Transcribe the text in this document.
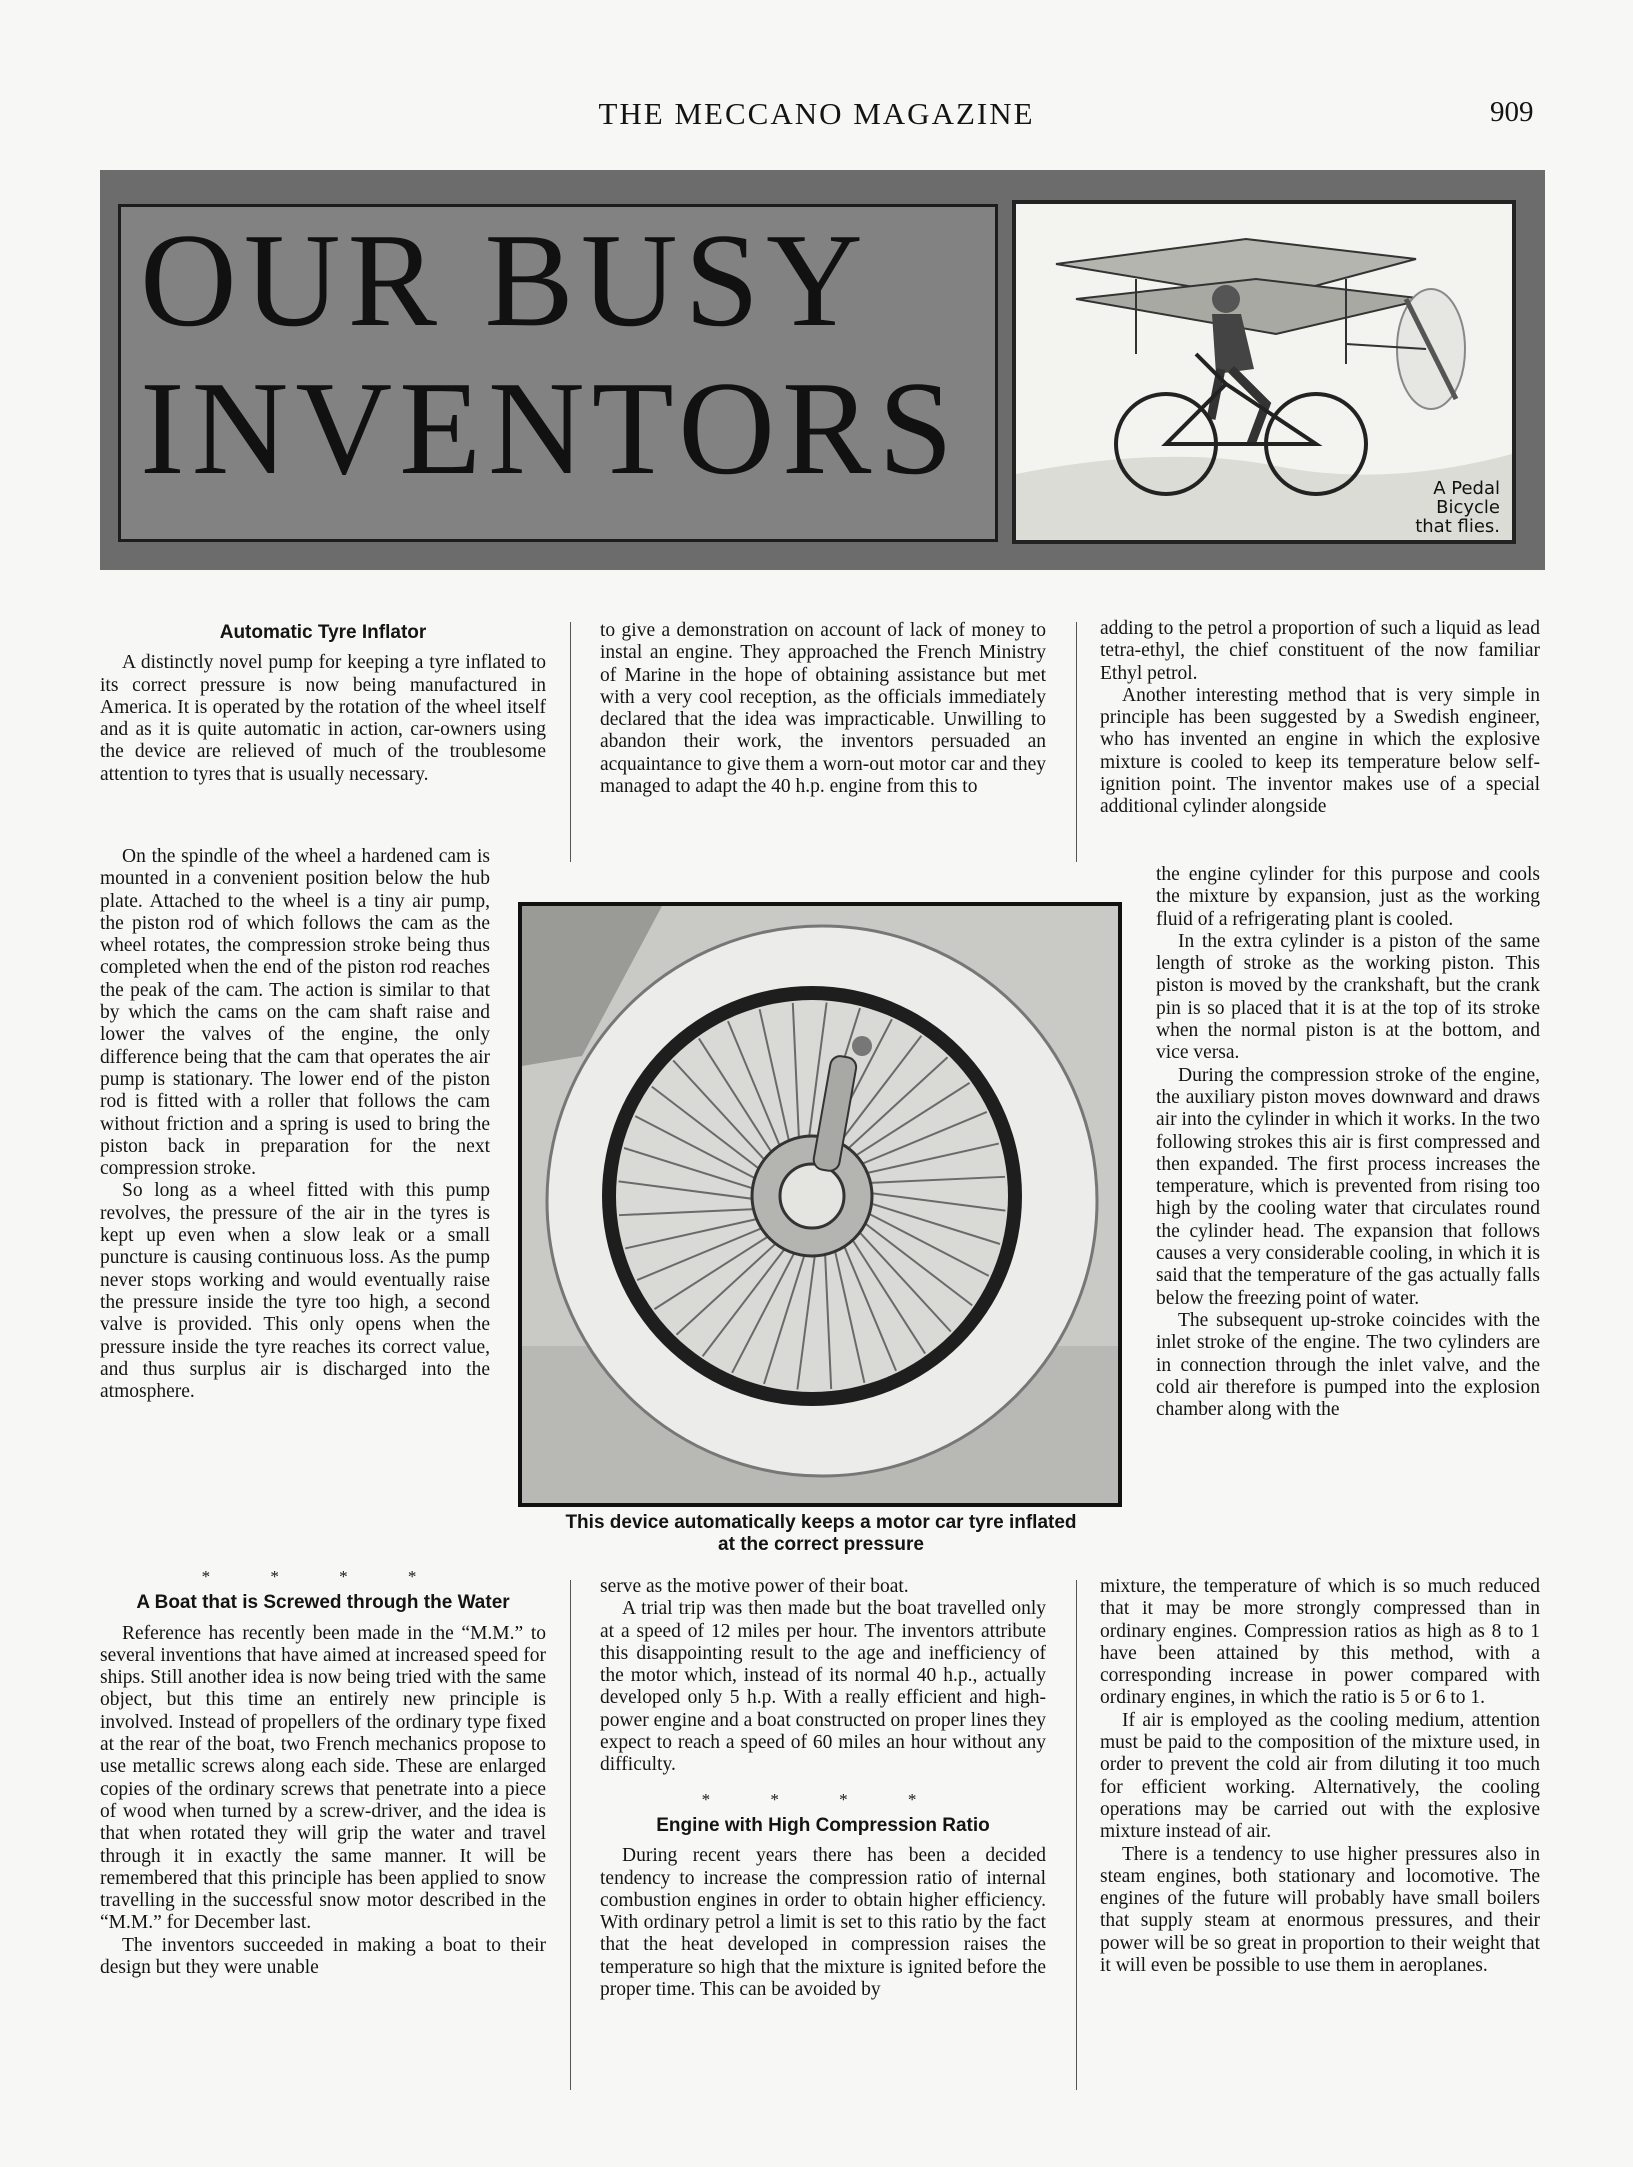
THE MECCANO MAGAZINE	909
OUR BUSY
INVENTORS	A Pedal
Bicycle
that flies.
Automatic Tyre Inflator

A distinctly novel pump for keeping a tyre inflated to its correct pressure is now being manufactured in America. It is operated by the rotation of the wheel itself and as it is quite automatic in action, car-owners using the device are relieved of much of the troublesome attention to tyres that is usually necessary.

On the spindle of the wheel a hardened cam is mounted in a convenient position below the hub plate. Attached to the wheel is a tiny air pump, the piston rod of which follows the cam as the wheel rotates, the compression stroke being thus completed when the end of the piston rod reaches the peak of the cam. The action is similar to that by which the cams on the cam shaft raise and lower the valves of the engine, the only difference being that the cam that operates the air pump is stationary. The lower end of the piston rod is fitted with a roller that follows the cam without friction and a spring is used to bring the piston back in preparation for the next compression stroke.

So long as a wheel fitted with this pump revolves, the pressure of the air in the tyres is kept up even when a slow leak or a small puncture is causing continuous loss. As the pump never stops working and would eventually raise the pressure inside the tyre too high, a second valve is provided. This only opens when the pressure inside the tyre reaches its correct value, and thus surplus air is discharged into the atmosphere.

* * * *
A Boat that is Screwed through the Water

Reference has recently been made in the “M.M.” to several inventions that have aimed at increased speed for ships. Still another idea is now being tried with the same object, but this time an entirely new principle is involved. Instead of propellers of the ordinary type fixed at the rear of the boat, two French mechanics propose to use metallic screws along each side. These are enlarged copies of the ordinary screws that penetrate into a piece of wood when turned by a screw-driver, and the idea is that when rotated they will grip the water and travel through it in exactly the same manner. It will be remembered that this principle has been applied to snow travelling in the successful snow motor described in the “M.M.” for December last.

The inventors succeeded in making a boat to their design but they were unable

to give a demonstration on account of lack of money to instal an engine. They approached the French Ministry of Marine in the hope of obtaining assistance but met with a very cool reception, as the officials immediately declared that the idea was impracticable. Unwilling to abandon their work, the inventors persuaded an acquaintance to give them a worn-out motor car and they managed to adapt the 40 h.p. engine from this to

This device automatically keeps a motor car tyre inflated
at the correct pressure

serve as the motive power of their boat.

A trial trip was then made but the boat travelled only at a speed of 12 miles per hour. The inventors attribute this disappointing result to the age and inefficiency of the motor which, instead of its normal 40 h.p., actually developed only 5 h.p. With a really efficient and high-power engine and a boat constructed on proper lines they expect to reach a speed of 60 miles an hour without any difficulty.

* * * *
Engine with High Compression Ratio

During recent years there has been a decided tendency to increase the compression ratio of internal combustion engines in order to obtain higher efficiency. With ordinary petrol a limit is set to this ratio by the fact that the heat developed in compression raises the temperature so high that the mixture is ignited before the proper time. This can be avoided by

adding to the petrol a proportion of such a liquid as lead tetra-ethyl, the chief constituent of the now familiar Ethyl petrol.

Another interesting method that is very simple in principle has been suggested by a Swedish engineer, who has invented an engine in which the explosive mixture is cooled to keep its temperature below self-ignition point. The inventor makes use of a special additional cylinder alongside

the engine cylinder for this purpose and cools the mixture by expansion, just as the working fluid of a refrigerating plant is cooled.

In the extra cylinder is a piston of the same length of stroke as the working piston. This piston is moved by the crankshaft, but the crank pin is so placed that it is at the top of its stroke when the normal piston is at the bottom, and vice versa.

During the compression stroke of the engine, the auxiliary piston moves downward and draws air into the cylinder in which it works. In the two following strokes this air is first compressed and then expanded. The first process increases the temperature, which is prevented from rising too high by the cooling water that circulates round the cylinder head. The expansion that follows causes a very considerable cooling, in which it is said that the temperature of the gas actually falls below the freezing point of water.

The subsequent up-stroke coincides with the inlet stroke of the engine. The two cylinders are in connection through the inlet valve, and the cold air therefore is pumped into the explosion chamber along with the

mixture, the temperature of which is so much reduced that it may be more strongly compressed than in ordinary engines. Compression ratios as high as 8 to 1 have been attained by this method, with a corresponding increase in power compared with ordinary engines, in which the ratio is 5 or 6 to 1.

If air is employed as the cooling medium, attention must be paid to the composition of the mixture used, in order to prevent the cold air from diluting it too much for efficient working. Alternatively, the cooling operations may be carried out with the explosive mixture instead of air.

There is a tendency to use higher pressures also in steam engines, both stationary and locomotive. The engines of the future will probably have small boilers that supply steam at enormous pressures, and their power will be so great in proportion to their weight that it will even be possible to use them in aeroplanes.
